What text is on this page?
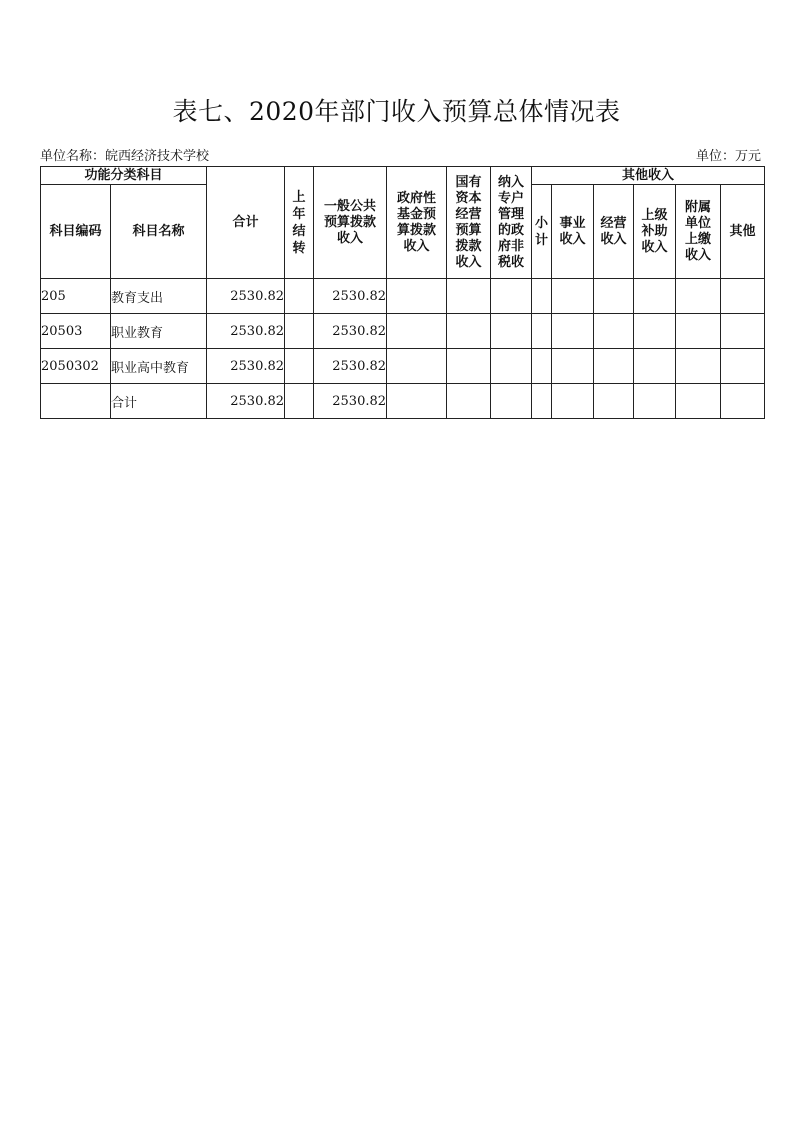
表七、2020年部门收入预算总体情况表
单位名称：皖西经济技术学校	单位：万元
功能分类科目		合计	上年结转	一般公共预算拨款收入	政府性基金预算拨款收入	国有资本经营预算拨款收入	纳入专户管理的政府非税收	其他收入					
科目编码	科目名称							小计	事业收入	经营收入	上级补助收入	附属单位上缴收入	其他
205	教育支出	2530.82		2530.82									
20503	职业教育	2530.82		2530.82									
2050302	职业高中教育	2530.82		2530.82									
	合计	2530.82		2530.82									
